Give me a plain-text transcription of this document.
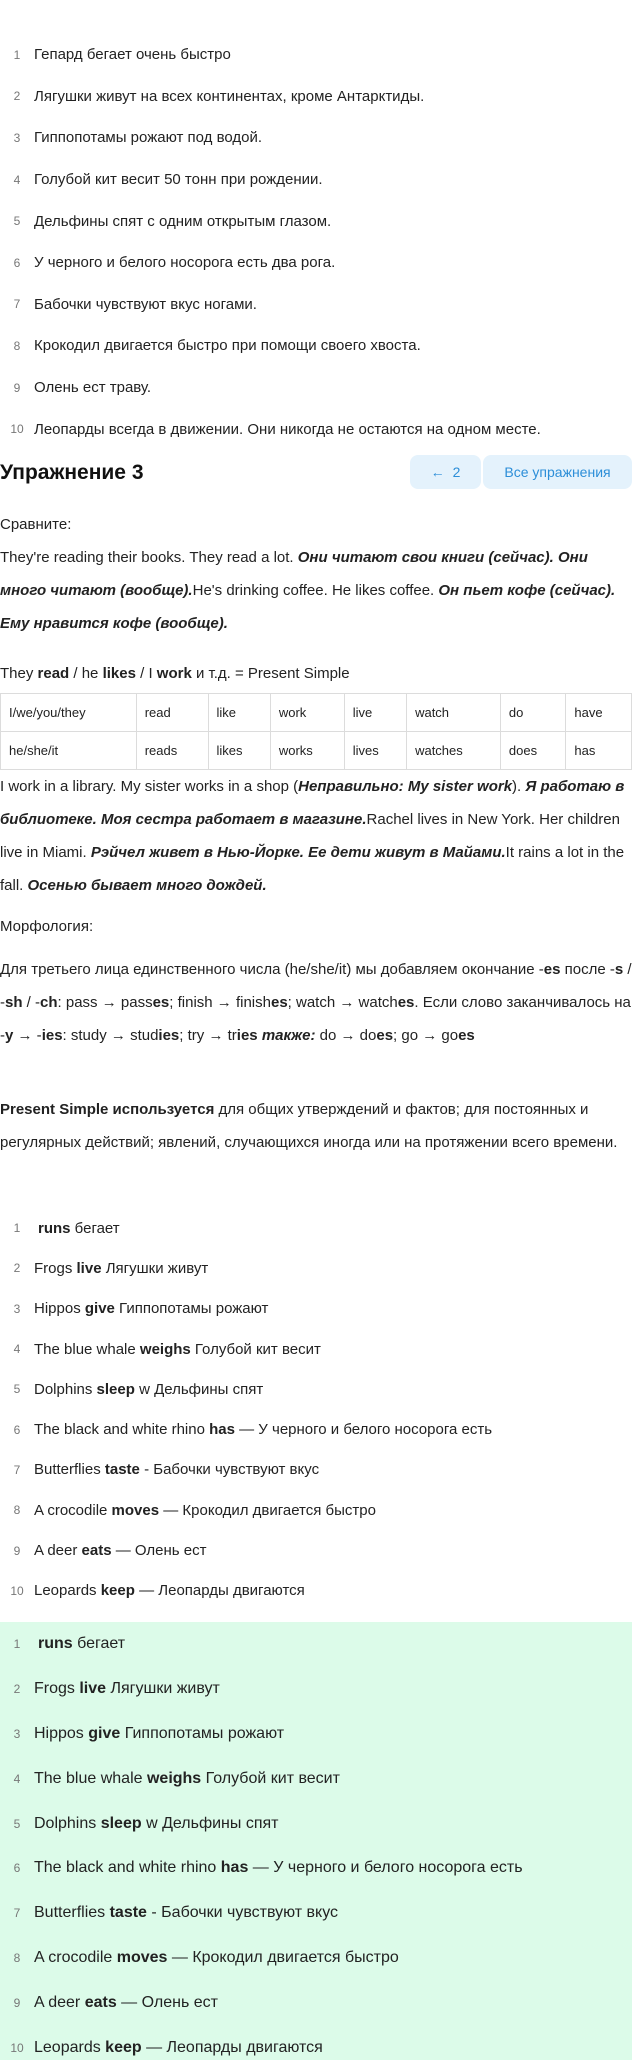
1 Гепард бегает очень быстро
2 Лягушки живут на всех континентах, кроме Антарктиды.
3 Гиппопотамы рожают под водой.
4 Голубой кит весит 50 тонн при рождении.
5 Дельфины спят с одним открытым глазом.
6 У черного и белого носорога есть два рога.
7 Бабочки чувствуют вкус ногами.
8 Крокодил двигается быстро при помощи своего хвоста.
9 Олень ест траву.
10 Леопарды всегда в движении. Они никогда не остаются на одном месте.
Упражнение 3	← 2	Все упражнения

Сравните:

They're reading their books. They read a lot. Они читают свои книги (сейчас). Они много читают (вообще).He's drinking coffee. He likes coffee. Он пьет кофе (сейчас). Ему нравится кофе (вообще).

They read / he likes / I work и т.д. = Present Simple

I/we/you/they	read	like	work	live	watch	do	have
he/she/it	reads	likes	works	lives	watches	does	has

I work in a library. My sister works in a shop (Неправильно: My sister work). Я работаю в библиотеке. Моя сестра работает в магазине.Rachel lives in New York. Her children live in Miami. Рэйчел живет в Нью-Йорке. Ее дети живут в Майами.It rains a lot in the fall. Осенью бывает много дождей.

Морфология:

Для третьего лица единственного числа (he/she/it) мы добавляем окончание -es после -s / -sh / -ch: pass → passes; finish → finishes; watch → watches. Если слово заканчивалось на -y → -ies: study → studies; try → tries также: do → does; go → goes

Present Simple используется для общих утверждений и фактов; для постоянных и регулярных действий; явлений, случающихся иногда или на протяжении всего времени.

1	runs бегает
2 Frogs live Лягушки живут
3 Hippos give Гиппопотамы рожают
4 The blue whale weighs Голубой кит весит
5 Dolphins sleep w Дельфины спят
6 The black and white rhino has — У черного и белого носорога есть
7 Butterflies taste - Бабочки чувствуют вкус
8 A crocodile moves — Крокодил двигается быстро
9 A deer eats — Олень ест
10 Leopards keep — Леопарды двигаются
1	runs бегает
2 Frogs live Лягушки живут
3 Hippos give Гиппопотамы рожают
4 The blue whale weighs Голубой кит весит
5 Dolphins sleep w Дельфины спят
6 The black and white rhino has — У черного и белого носорога есть
7 Butterflies taste - Бабочки чувствуют вкус
8 A crocodile moves — Крокодил двигается быстро
9 A deer eats — Олень ест
10 Leopards keep — Леопарды двигаются
